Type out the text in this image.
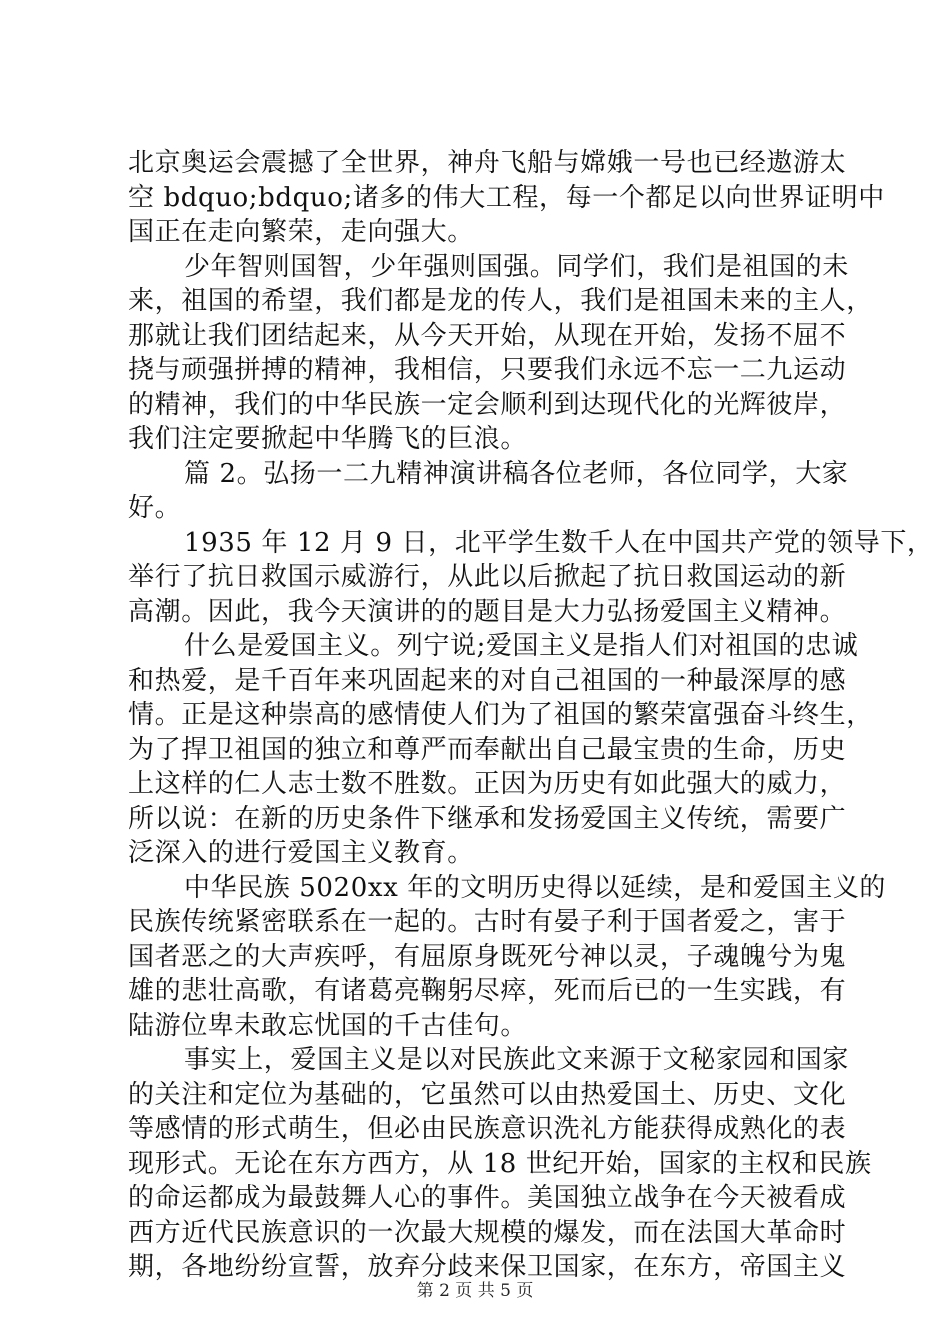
北京奥运会震撼了全世界，神舟飞船与嫦娥一号也已经遨游太
空 bdquo;bdquo;诸多的伟大工程，每一个都足以向世界证明中
国正在走向繁荣，走向强大。
少年智则国智，少年强则国强。同学们，我们是祖国的未
来，祖国的希望，我们都是龙的传人，我们是祖国未来的主人，
那就让我们团结起来，从今天开始，从现在开始，发扬不屈不
挠与顽强拼搏的精神，我相信，只要我们永远不忘一二九运动
的精神，我们的中华民族一定会顺利到达现代化的光辉彼岸，
我们注定要掀起中华腾飞的巨浪。
篇 2。弘扬一二九精神演讲稿各位老师，各位同学，大家
好。
1935 年 12 月 9 日，北平学生数千人在中国共产党的领导下，
举行了抗日救国示威游行，从此以后掀起了抗日救国运动的新
高潮。因此，我今天演讲的的题目是大力弘扬爱国主义精神。
什么是爱国主义。列宁说;爱国主义是指人们对祖国的忠诚
和热爱，是千百年来巩固起来的对自己祖国的一种最深厚的感
情。正是这种崇高的感情使人们为了祖国的繁荣富强奋斗终生，
为了捍卫祖国的独立和尊严而奉献出自己最宝贵的生命，历史
上这样的仁人志士数不胜数。正因为历史有如此强大的威力，
所以说：在新的历史条件下继承和发扬爱国主义传统，需要广
泛深入的进行爱国主义教育。
中华民族 5020xx 年的文明历史得以延续，是和爱国主义的
民族传统紧密联系在一起的。古时有晏子利于国者爱之，害于
国者恶之的大声疾呼，有屈原身既死兮神以灵，子魂魄兮为鬼
雄的悲壮高歌，有诸葛亮鞠躬尽瘁，死而后已的一生实践，有
陆游位卑未敢忘忧国的千古佳句。
事实上，爱国主义是以对民族此文来源于文秘家园和国家
的关注和定位为基础的，它虽然可以由热爱国土、历史、文化
等感情的形式萌生，但必由民族意识洗礼方能获得成熟化的表
现形式。无论在东方西方，从 18 世纪开始，国家的主权和民族
的命运都成为最鼓舞人心的事件。美国独立战争在今天被看成
西方近代民族意识的一次最大规模的爆发，而在法国大革命时
期，各地纷纷宣誓，放弃分歧来保卫国家，在东方，帝国主义
第 2 页 共 5 页
